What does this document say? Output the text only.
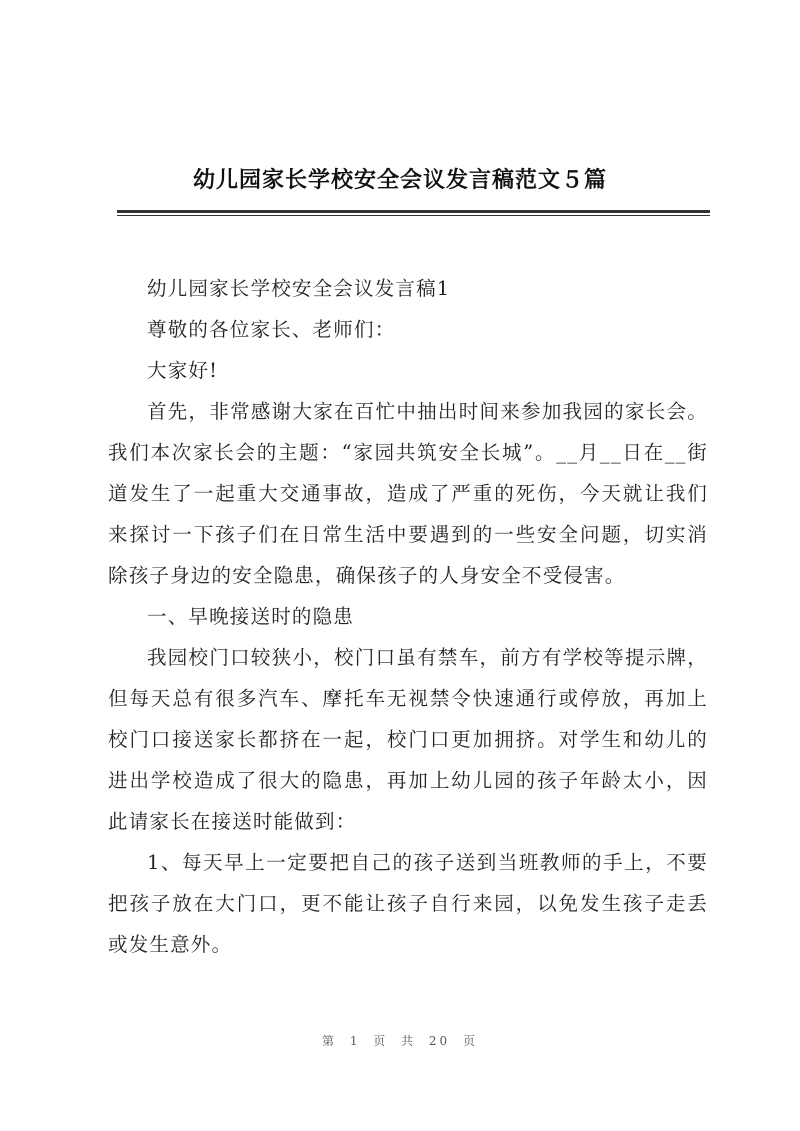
幼儿园家长学校安全会议发言稿范文５篇

幼儿园家长学校安全会议发言稿1

尊敬的各位家长、老师们：

大家好!

首先，非常感谢大家在百忙中抽出时间来参加我园的家长会。我们本次家长会的主题：“家园共筑安全长城”。__月__日在__街道发生了一起重大交通事故，造成了严重的死伤，今天就让我们来探讨一下孩子们在日常生活中要遇到的一些安全问题，切实消除孩子身边的安全隐患，确保孩子的人身安全不受侵害。

一、早晚接送时的隐患

我园校门口较狭小，校门口虽有禁车，前方有学校等提示牌，但每天总有很多汽车、摩托车无视禁令快速通行或停放，再加上校门口接送家长都挤在一起，校门口更加拥挤。对学生和幼儿的进出学校造成了很大的隐患，再加上幼儿园的孩子年龄太小，因此请家长在接送时能做到：

1、每天早上一定要把自己的孩子送到当班教师的手上，不要把孩子放在大门口，更不能让孩子自行来园，以免发生孩子走丢或发生意外。

第 1 页 共 20 页
